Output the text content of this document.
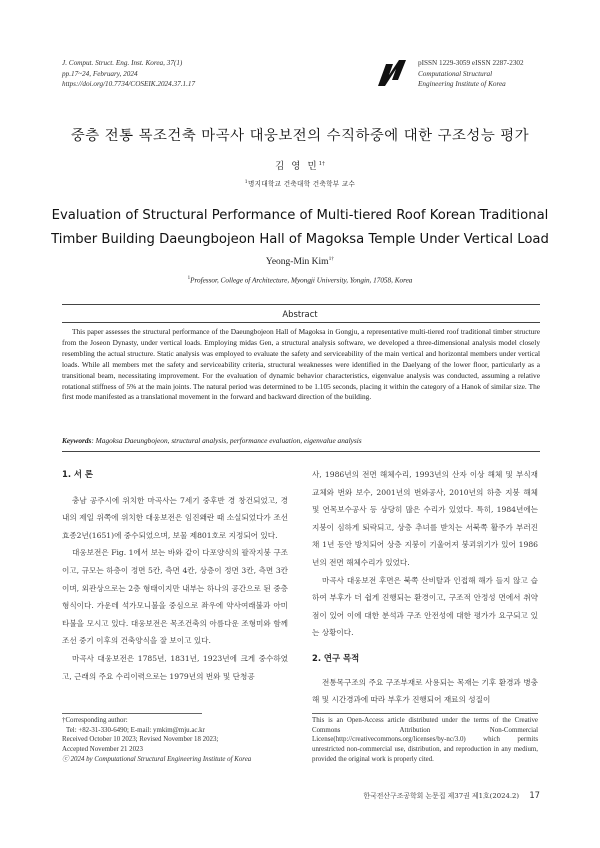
J. Comput. Struct. Eng. Inst. Korea, 37(1)
pp.17~24, February, 2024
https://doi.org/10.7734/COSEIK.2024.37.1.17
pISSN 1229-3059 eISSN 2287-2302
Computational Structural
Engineering Institute of Korea
중층 전통 목조건축 마곡사 대웅보전의 수직하중에 대한 구조성능 평가
김 영 민$^{1\dagger}$
$^1$명지대학교 건축대학 건축학부 교수
Evaluation of Structural Performance of Multi-tiered Roof Korean Traditional
Timber Building Daeungbojeon Hall of Magoksa Temple Under Vertical Load
Yeong-Min Kim$^{1\dagger}$
$^1$Professor, College of Architecture, Myongji University, Yongin, 17058, Korea
Abstract
This paper assesses the structural performance of the Daeungbojeon Hall of Magoksa in Gongju, a representative multi-tiered roof traditional timber structure from the Joseon Dynasty, under vertical loads. Employing midas Gen, a structural analysis software, we developed a three-dimensional analysis model closely resembling the actual structure. Static analysis was employed to evaluate the safety and serviceability of the main vertical and horizontal members under vertical loads. While all members met the safety and serviceability criteria, structural weaknesses were identified in the Daelyang of the lower floor, particularly as a transitional beam, necessitating improvement. For the evaluation of dynamic behavior characteristics, eigenvalue analysis was conducted, assuming a relative rotational stiffness of 5% at the main joints. The natural period was determined to be 1.105 seconds, placing it within the category of a Hanok of similar size. The first mode manifested as a translational movement in the forward and backward direction of the building.
Keywords: Magoksa Daeungbojeon, structural analysis, performance evaluation, eigenvalue analysis
1. 서 론

충남 공주시에 위치한 마곡사는 7세기 중후반 경 창건되었고, 경내의 제일 위쪽에 위치한 대웅보전은 임진왜란 때 소실되었다가 조선 효종2년(1651)에 중수되었으며, 보물 제801호로 지정되어 있다.

대웅보전은 Fig. 1에서 보는 바와 같이 다포양식의 팔작지붕 구조이고, 규모는 하층이 정면 5칸, 측면 4칸, 상층이 정면 3칸, 측면 3칸이며, 외관상으로는 2층 형태이지만 내부는 하나의 공간으로 된 중층 형식이다. 가운데 석가모니불을 중심으로 좌우에 약사여래불과 아미타불을 모시고 있다. 대웅보전은 목조건축의 아름다운 조형미와 함께 조선 중기 이후의 건축양식을 잘 보이고 있다.

마곡사 대웅보전은 1785년, 1831년, 1923년에 크게 중수하였고, 근래의 주요 수리이력으로는 1979년의 번와 및 단청공

사, 1986년의 전면 해체수리, 1993년의 산자 이상 해체 및 부식재 교체와 번와 보수, 2001년의 번와공사, 2010년의 하층 지붕 해체 및 연목보수공사 등 상당히 많은 수리가 있었다. 특히, 1984년에는 지붕이 심하게 퇴락되고, 상층 추녀를 받치는 서북쪽 활주가 부러진 채 1년 동안 방치되어 상층 지붕이 기울어져 붕괴위기가 있어 1986년의 전면 해체수리가 있었다.

마곡사 대웅보전 후면은 북쪽 산비탈과 인접해 해가 들지 않고 습하여 부후가 더 쉽게 진행되는 환경이고, 구조적 안정성 면에서 취약점이 있어 이에 대한 분석과 구조 안전성에 대한 평가가 요구되고 있는 상황이다.

2. 연구 목적

전통목구조의 주요 구조부재로 사용되는 목재는 기후 환경과 병충해 및 시간경과에 따라 부후가 진행되어 재료의 성질이

†Corresponding author:
Tel: +82-31-330-6490; E-mail: ymkim@mju.ac.kr
Received October 10 2023; Revised November 18 2023;
Accepted November 21 2023
ⓒ 2024 by Computational Structural Engineering Institute of Korea
This is an Open-Access article distributed under the terms of the Creative Commons Attribution Non-Commercial License(http://creativecommons.org/licenses/by-nc/3.0) which permits unrestricted non-commercial use, distribution, and reproduction in any medium, provided the original work is properly cited.
한국전산구조공학회 논문집 제37권 제1호(2024.2) 17
